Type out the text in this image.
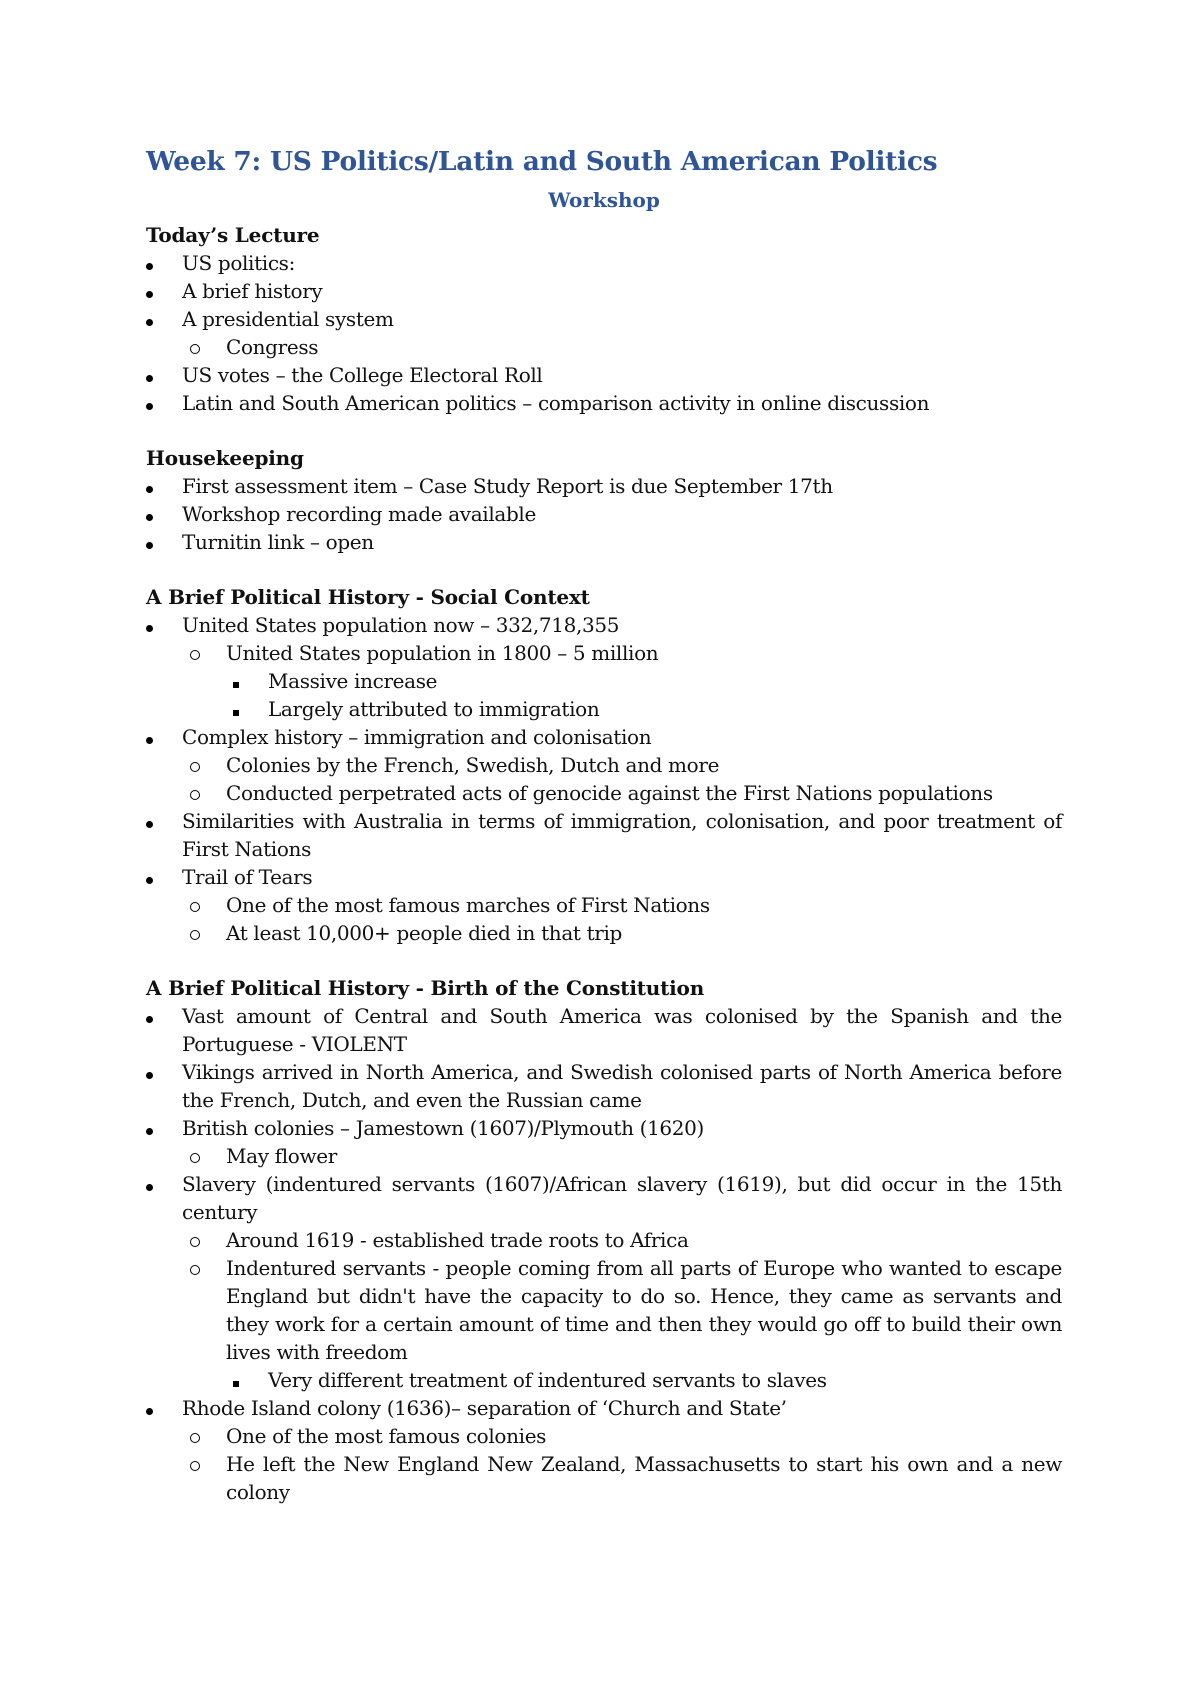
Week 7: US Politics/Latin and South American Politics
Workshop
Today’s Lecture
US politics:
A brief history
A presidential system
Congress
US votes – the College Electoral Roll
Latin and South American politics – comparison activity in online discussion
Housekeeping
First assessment item – Case Study Report is due September 17th
Workshop recording made available
Turnitin link – open
A Brief Political History - Social Context
United States population now – 332,718,355
United States population in 1800 – 5 million
Massive increase
Largely attributed to immigration
Complex history – immigration and colonisation
Colonies by the French, Swedish, Dutch and more
Conducted perpetrated acts of genocide against the First Nations populations
Similarities with Australia in terms of immigration, colonisation, and poor treatment of First Nations
Trail of Tears
One of the most famous marches of First Nations
At least 10,000+ people died in that trip
A Brief Political History - Birth of the Constitution
Vast amount of Central and South America was colonised by the Spanish and the Portuguese - VIOLENT
Vikings arrived in North America, and Swedish colonised parts of North America before the French, Dutch, and even the Russian came
British colonies – Jamestown (1607)/Plymouth (1620)
May flower
Slavery (indentured servants (1607)/African slavery (1619), but did occur in the 15th century
Around 1619 - established trade roots to Africa
Indentured servants - people coming from all parts of Europe who wanted to escape England but didn't have the capacity to do so. Hence, they came as servants and they work for a certain amount of time and then they would go off to build their own lives with freedom
Very different treatment of indentured servants to slaves
Rhode Island colony (1636)– separation of ‘Church and State’
One of the most famous colonies
He left the New England New Zealand, Massachusetts to start his own and a new colony
